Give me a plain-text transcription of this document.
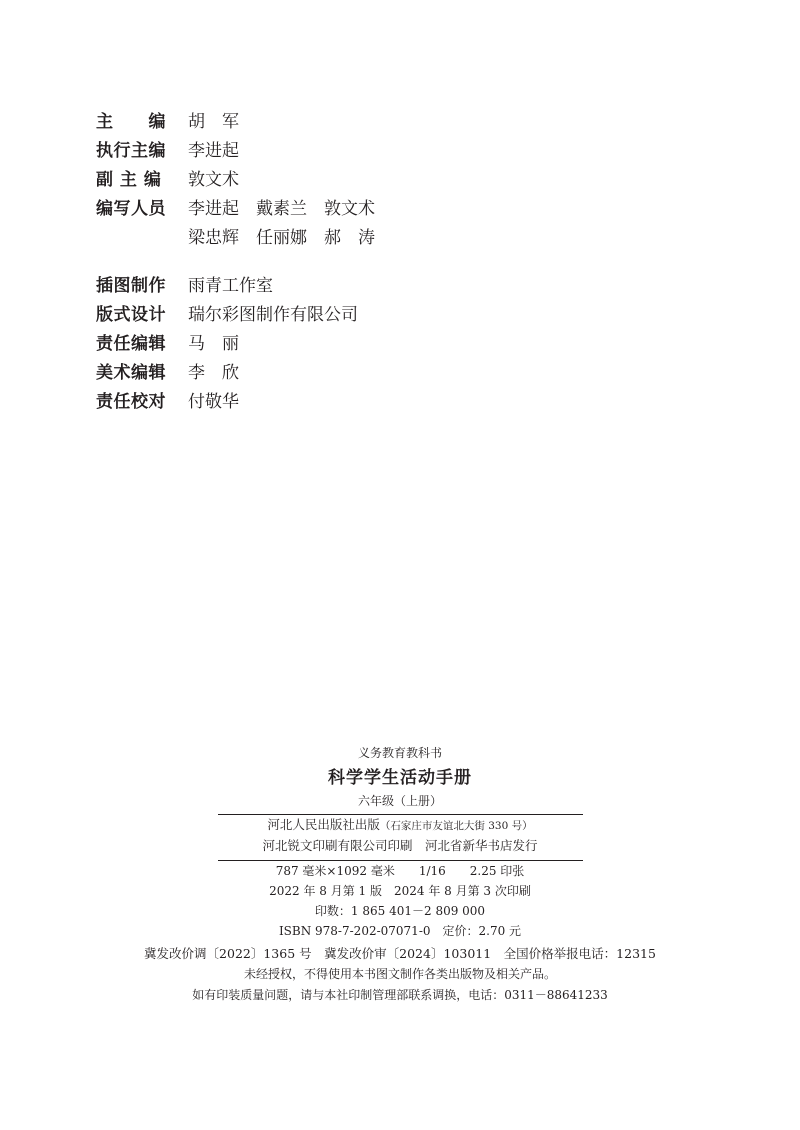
主　　编	胡　军
执行主编	李进起
副 主 编	敦文术
编写人员	李进起　戴素兰　敦文术
梁忠辉　任丽娜　郝　涛
插图制作	雨青工作室
版式设计	瑞尔彩图制作有限公司
责任编辑	马　丽
美术编辑	李　欣
责任校对	付敬华
义务教育教科书
科学学生活动手册
六年级（上册）
河北人民出版社出版（石家庄市友谊北大街 330 号）
河北锐文印刷有限公司印刷　河北省新华书店发行
787 毫米×1092 毫米　　1/16　　2.25 印张
2022 年 8 月第 1 版　2024 年 8 月第 3 次印刷
印数：1 865 401－2 809 000
ISBN 978-7-202-07071-0　定价：2.70 元
冀发改价调〔2022〕1365 号　冀发改价审〔2024〕103011　全国价格举报电话：12315
未经授权，不得使用本书图文制作各类出版物及相关产品。
如有印装质量问题，请与本社印制管理部联系调换，电话：0311－88641233
